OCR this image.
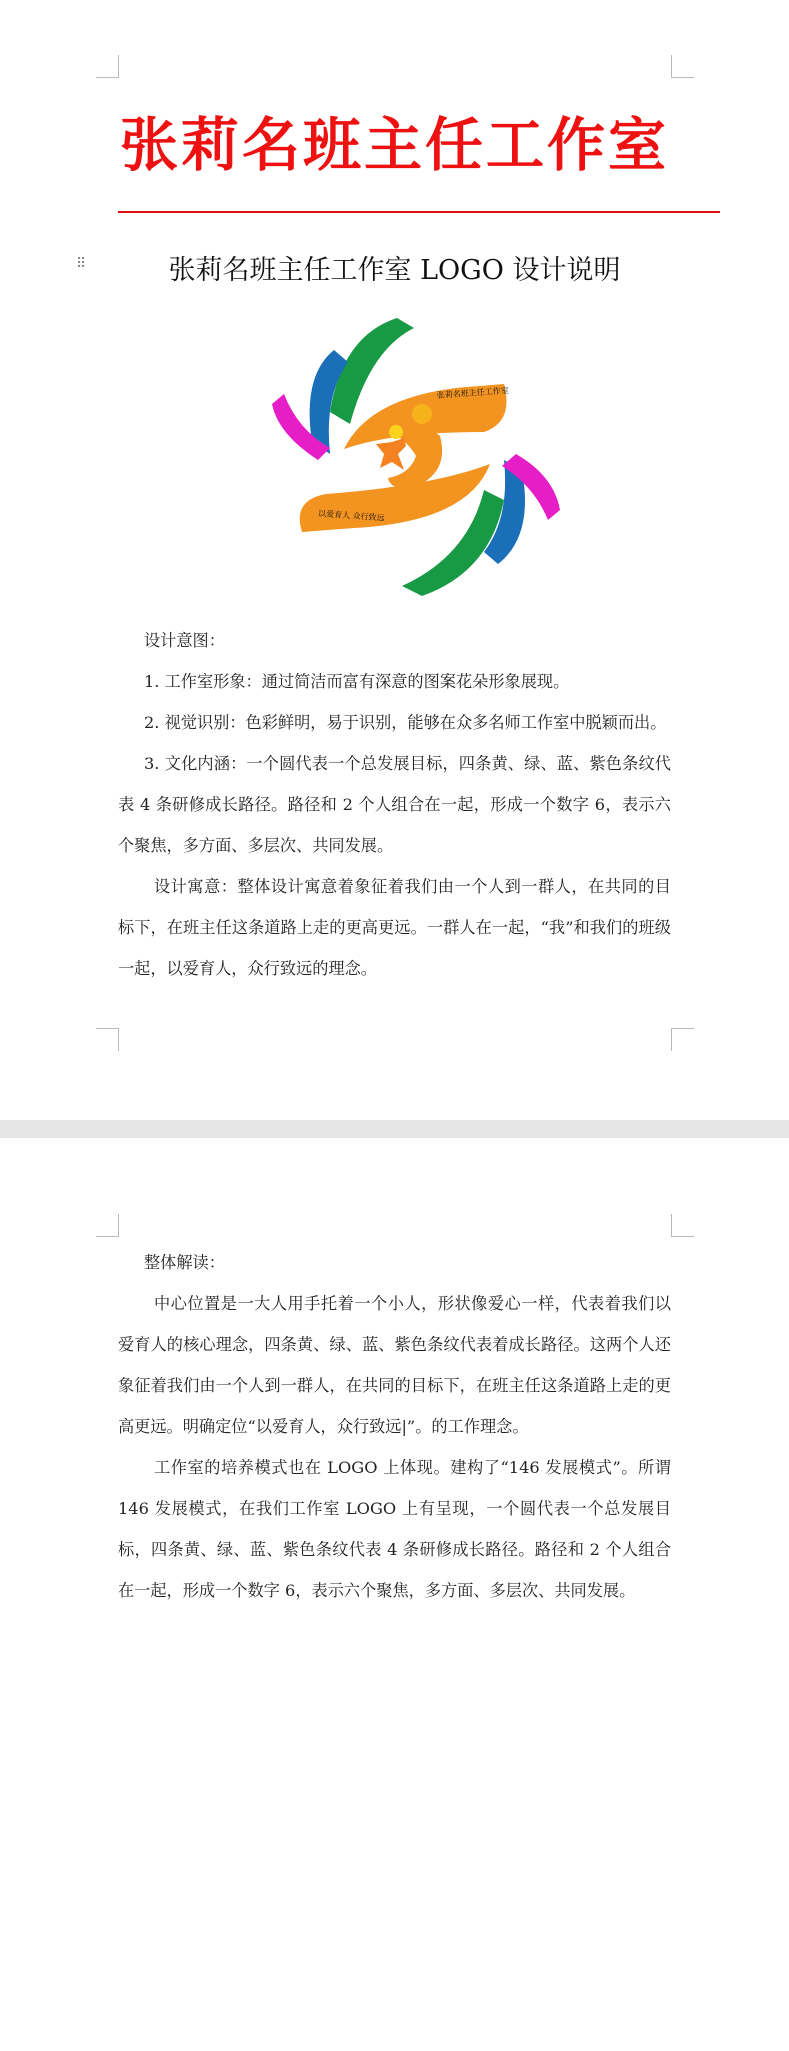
张莉名班主任工作室
⠿	张莉名班主任工作室 LOGO 设计说明
张莉名班主任工作室
以爱育人 众行致远

设计意图：

1. 工作室形象：通过简洁而富有深意的图案花朵形象展现。

2. 视觉识别：色彩鲜明，易于识别，能够在众多名师工作室中脱颖而出。

3. 文化内涵：一个圆代表一个总发展目标，四条黄、绿、蓝、紫色条纹代表 4 条研修成长路径。路径和 2 个人组合在一起，形成一个数字 6，表示六个聚焦，多方面、多层次、共同发展。

设计寓意：整体设计寓意着象征着我们由一个人到一群人，在共同的目标下，在班主任这条道路上走的更高更远。一群人在一起，“我”和我们的班级一起，以爱育人，众行致远的理念。

整体解读：

中心位置是一大人用手托着一个小人，形状像爱心一样，代表着我们以爱育人的核心理念，四条黄、绿、蓝、紫色条纹代表着成长路径。这两个人还象征着我们由一个人到一群人，在共同的目标下，在班主任这条道路上走的更高更远。明确定位“以爱育人，众行致远|”。的工作理念。

工作室的培养模式也在 LOGO 上体现。建构了“146 发展模式”。所谓 146 发展模式，在我们工作室 LOGO 上有呈现，一个圆代表一个总发展目标，四条黄、绿、蓝、紫色条纹代表 4 条研修成长路径。路径和 2 个人组合在一起，形成一个数字 6，表示六个聚焦，多方面、多层次、共同发展。
